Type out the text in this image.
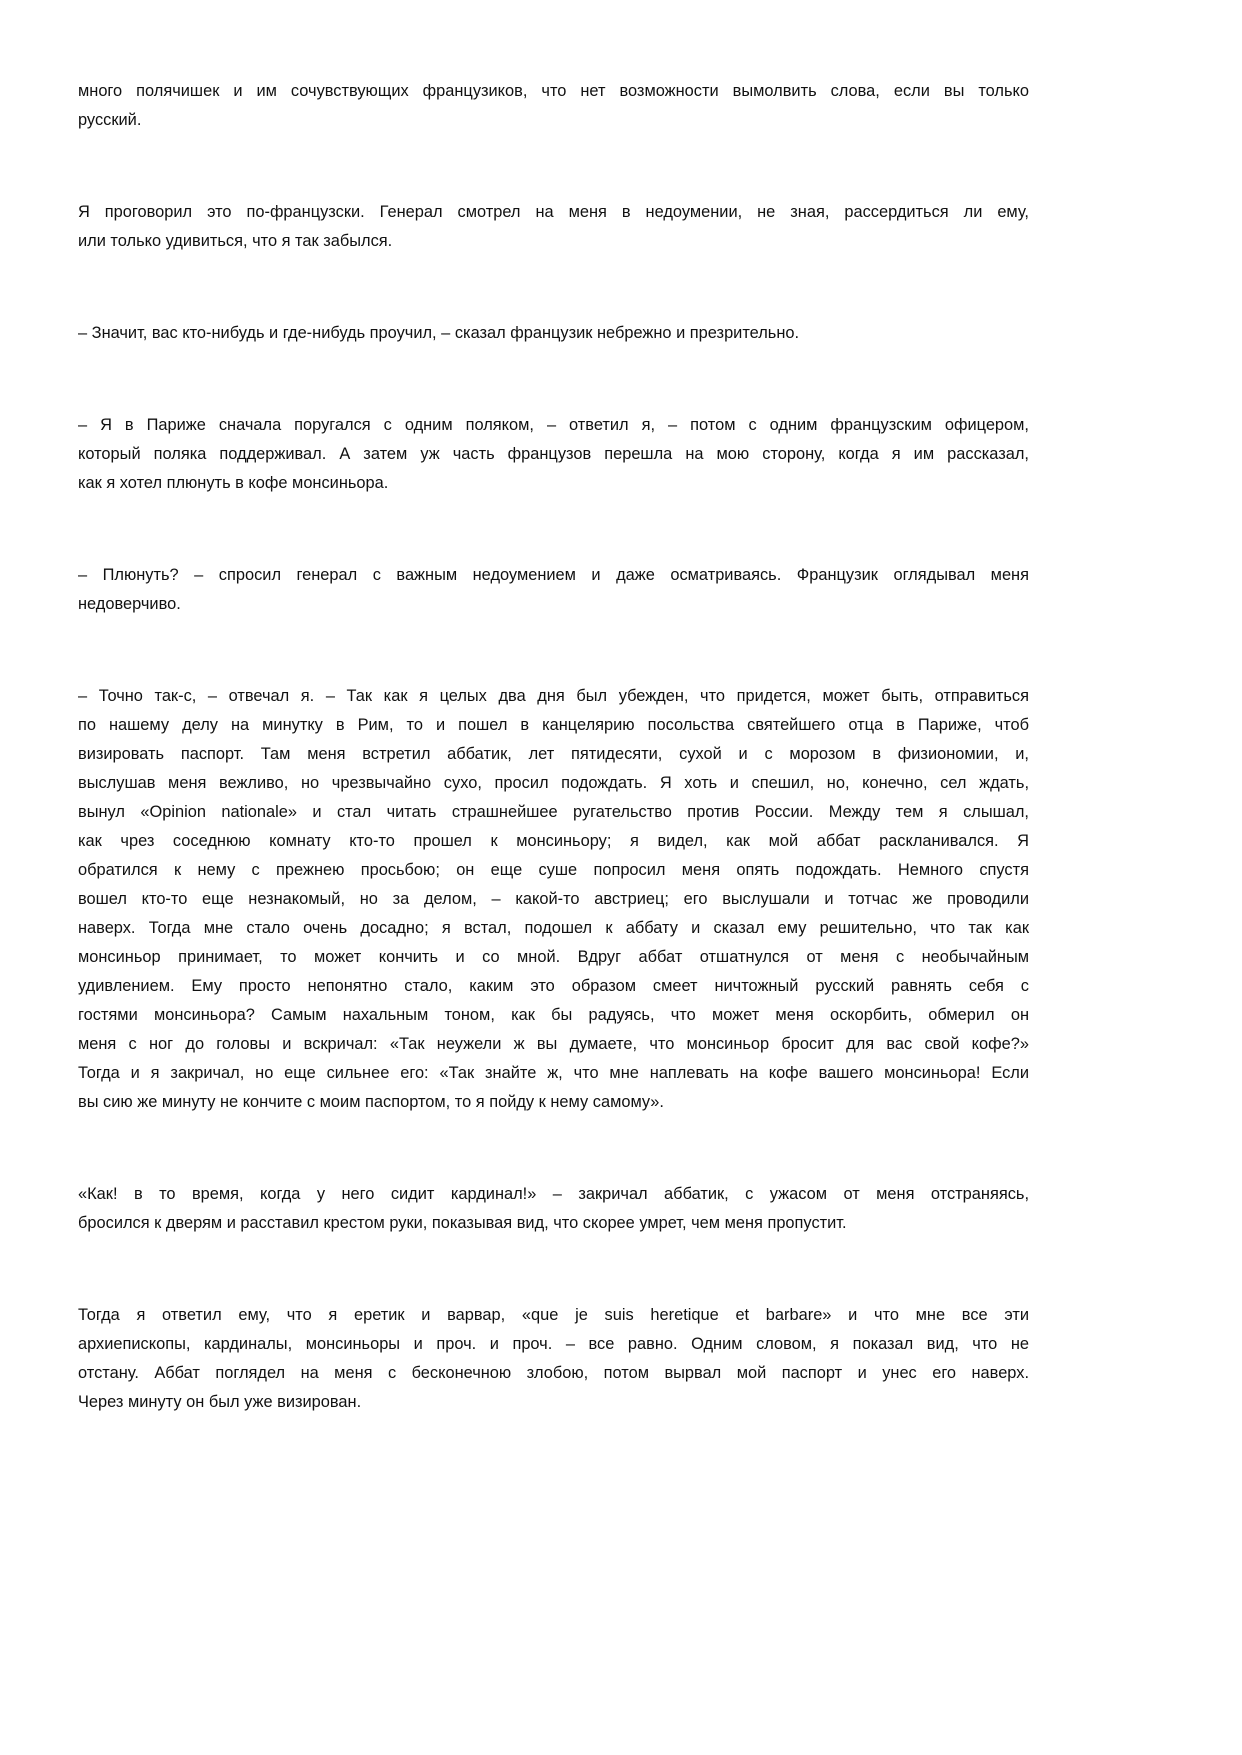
много полячишек и им сочувствующих французиков, что нет возможности вымолвить слова, если вы только
русский.
Я проговорил это по-французски. Генерал смотрел на меня в недоумении, не зная, рассердиться ли ему,
или только удивиться, что я так забылся.
– Значит, вас кто-нибудь и где-нибудь проучил, – сказал французик небрежно и презрительно.
– Я в Париже сначала поругался с одним поляком, – ответил я, – потом с одним французским офицером,
который поляка поддерживал. А затем уж часть французов перешла на мою сторону, когда я им рассказал,
как я хотел плюнуть в кофе монсиньора.
– Плюнуть? – спросил генерал с важным недоумением и даже осматриваясь. Французик оглядывал меня
недоверчиво.
– Точно так-с, – отвечал я. – Так как я целых два дня был убежден, что придется, может быть, отправиться
по нашему делу на минутку в Рим, то и пошел в канцелярию посольства святейшего отца в Париже, чтоб
визировать паспорт. Там меня встретил аббатик, лет пятидесяти, сухой и с морозом в физиономии, и,
выслушав меня вежливо, но чрезвычайно сухо, просил подождать. Я хоть и спешил, но, конечно, сел ждать,
вынул «Opinion nationale» и стал читать страшнейшее ругательство против России. Между тем я слышал,
как чрез соседнюю комнату кто-то прошел к монсиньору; я видел, как мой аббат раскланивался. Я
обратился к нему с прежнею просьбою; он еще суше попросил меня опять подождать. Немного спустя
вошел кто-то еще незнакомый, но за делом, – какой-то австриец; его выслушали и тотчас же проводили
наверх. Тогда мне стало очень досадно; я встал, подошел к аббату и сказал ему решительно, что так как
монсиньор принимает, то может кончить и со мной. Вдруг аббат отшатнулся от меня с необычайным
удивлением. Ему просто непонятно стало, каким это образом смеет ничтожный русский равнять себя с
гостями монсиньора? Самым нахальным тоном, как бы радуясь, что может меня оскорбить, обмерил он
меня с ног до головы и вскричал: «Так неужели ж вы думаете, что монсиньор бросит для вас свой кофе?»
Тогда и я закричал, но еще сильнее его: «Так знайте ж, что мне наплевать на кофе вашего монсиньора! Если
вы сию же минуту не кончите с моим паспортом, то я пойду к нему самому».
«Как! в то время, когда у него сидит кардинал!» – закричал аббатик, с ужасом от меня отстраняясь,
бросился к дверям и расставил крестом руки, показывая вид, что скорее умрет, чем меня пропустит.
Тогда я ответил ему, что я еретик и варвар, «que je suis heretique et barbare» и что мне все эти
архиепископы, кардиналы, монсиньоры и проч. и проч. – все равно. Одним словом, я показал вид, что не
отстану. Аббат поглядел на меня с бесконечною злобою, потом вырвал мой паспорт и унес его наверх.
Через минуту он был уже визирован.
